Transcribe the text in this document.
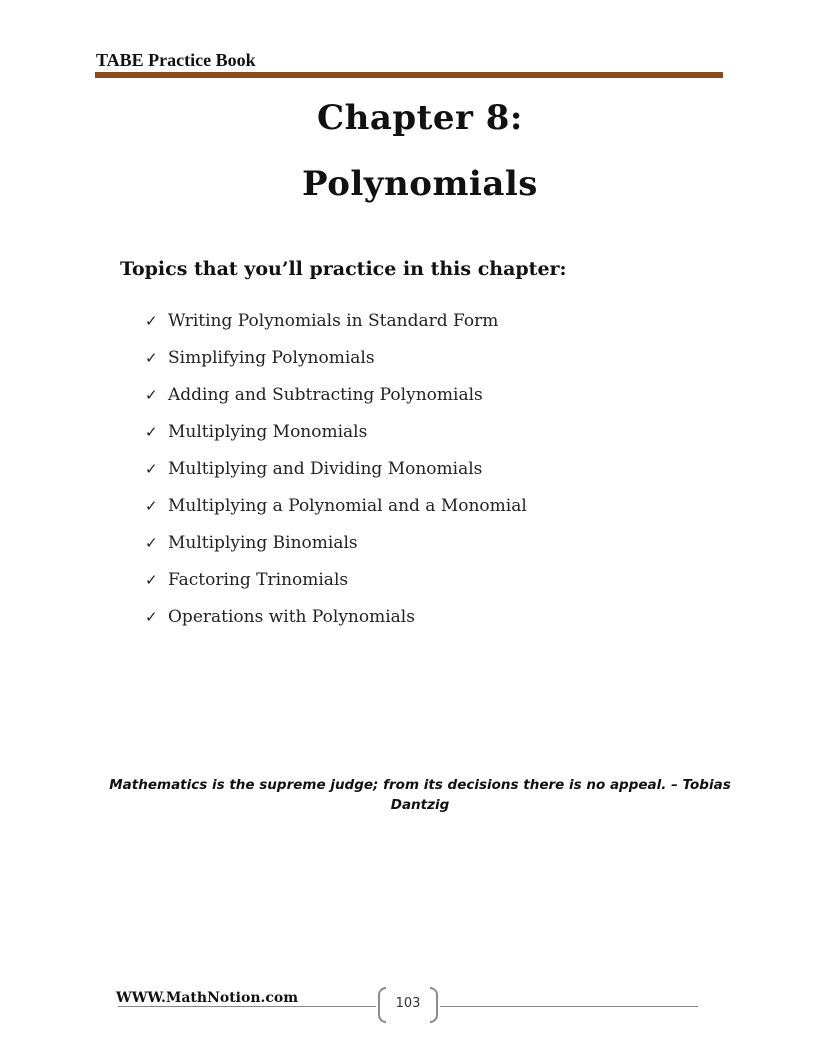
TABE Practice Book
Chapter 8:
Polynomials
Topics that you’ll practice in this chapter:
✓ Writing Polynomials in Standard Form
✓ Simplifying Polynomials
✓ Adding and Subtracting Polynomials
✓ Multiplying Monomials
✓ Multiplying and Dividing Monomials
✓ Multiplying a Polynomial and a Monomial
✓ Multiplying Binomials
✓ Factoring Trinomials
✓ Operations with Polynomials
Mathematics is the supreme judge; from its decisions there is no appeal. – Tobias Dantzig
WWW.MathNotion.com	103
